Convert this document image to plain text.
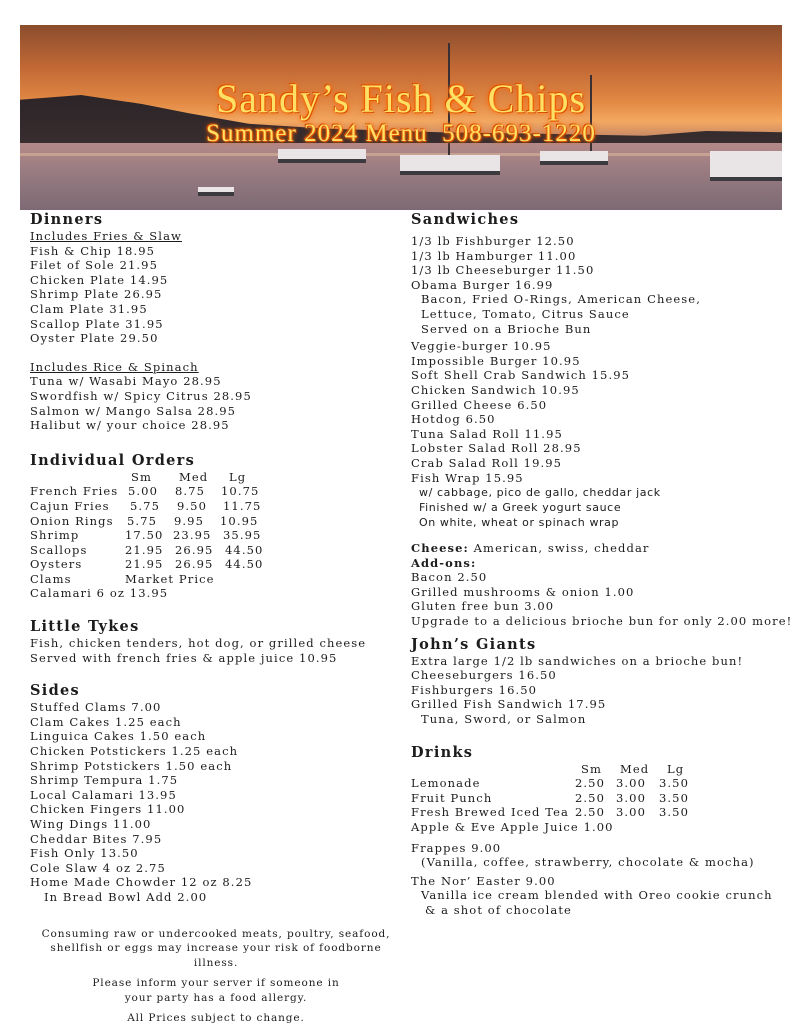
Sandy’s Fish & Chips
Summer 2024 Menu  508-693-1220
Dinners
Includes Fries & Slaw
Fish & Chip 18.95
Filet of Sole 21.95
Chicken Plate 14.95
Shrimp Plate 26.95
Clam Plate 31.95
Scallop Plate 31.95
Oyster Plate 29.50
Includes Rice & Spinach
Tuna w/ Wasabi Mayo 28.95
Swordfish w/ Spicy Citrus 28.95
Salmon w/ Mango Salsa 28.95
Halibut w/ your choice 28.95
Individual Orders
Sm Med Lg
French Fries 5.00 8.75 10.75
Cajun Fries 5.75 9.50 11.75
Onion Rings 5.75 9.95 10.95
Shrimp	17.50 23.95 35.95
Scallops	21.95 26.95 44.50
Oysters	21.95 26.95 44.50
Clams	Market Price
Calamari 6 oz 13.95
Little Tykes
Fish, chicken tenders, hot dog, or grilled cheese
Served with french fries & apple juice 10.95
Sides
Stuffed Clams 7.00
Clam Cakes 1.25 each
Linguica Cakes 1.50 each
Chicken Potstickers 1.25 each
Shrimp Potstickers 1.50 each
Shrimp Tempura 1.75
Local Calamari 13.95
Chicken Fingers 11.00
Wing Dings 11.00
Cheddar Bites 7.95
Fish Only 13.50
Cole Slaw 4 oz 2.75
Home Made Chowder 12 oz 8.25
In Bread Bowl Add 2.00
Consuming raw or undercooked meats, poultry, seafood,
shellfish or eggs may increase your risk of foodborne illness.
Please inform your server if someone in
your party has a food allergy.
All Prices subject to change.
Sandwiches
1/3 lb Fishburger 12.50
1/3 lb Hamburger 11.00
1/3 lb Cheeseburger 11.50
Obama Burger 16.99
Bacon, Fried O-Rings, American Cheese,
Lettuce, Tomato, Citrus Sauce
Served on a Brioche Bun
Veggie-burger 10.95
Impossible Burger 10.95
Soft Shell Crab Sandwich 15.95
Chicken Sandwich 10.95
Grilled Cheese 6.50
Hotdog 6.50
Tuna Salad Roll 11.95
Lobster Salad Roll 28.95
Crab Salad Roll 19.95
Fish Wrap 15.95
w/ cabbage, pico de gallo, cheddar jack
Finished w/ a Greek yogurt sauce
On white, wheat or spinach wrap
Cheese: American, swiss, cheddar
Add-ons:
Bacon 2.50
Grilled mushrooms & onion 1.00
Gluten free bun 3.00
Upgrade to a delicious brioche bun for only 2.00 more!
John’s Giants
Extra large 1/2 lb sandwiches on a brioche bun!
Cheeseburgers 16.50
Fishburgers 16.50
Grilled Fish Sandwich 17.95
Tuna, Sword, or Salmon
Drinks
Sm Med Lg
Lemonade	2.50 3.00 3.50
Fruit Punch	2.50 3.00 3.50
Fresh Brewed Iced Tea 2.50 3.00 3.50
Apple & Eve Apple Juice 1.00
Frappes 9.00
(Vanilla, coffee, strawberry, chocolate & mocha)
The Nor’ Easter 9.00
Vanilla ice cream blended with Oreo cookie crunch
& a shot of chocolate
